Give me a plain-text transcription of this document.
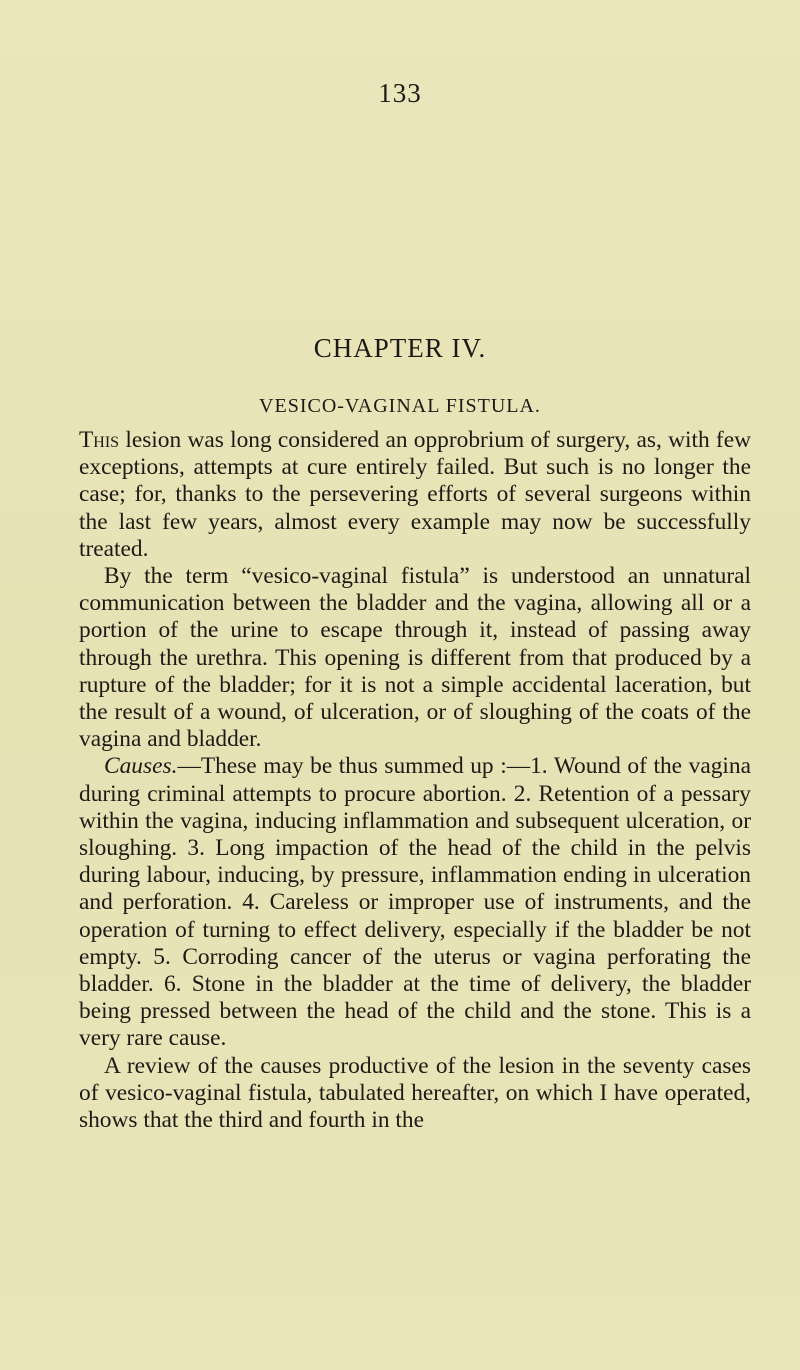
133
CHAPTER IV.
VESICO-VAGINAL FISTULA.

This lesion was long considered an opprobrium of surgery, as, with few exceptions, attempts at cure entirely failed. But such is no longer the case; for, thanks to the persevering efforts of several surgeons within the last few years, almost every example may now be successfully treated.

By the term “vesico-vaginal fistula” is understood an unnatural communication between the bladder and the vagina, allowing all or a portion of the urine to escape through it, instead of passing away through the urethra. This opening is different from that produced by a rupture of the bladder; for it is not a simple accidental laceration, but the result of a wound, of ulceration, or of sloughing of the coats of the vagina and bladder.

Causes.—These may be thus summed up :—1. Wound of the vagina during criminal attempts to procure abortion. 2. Retention of a pessary within the vagina, inducing inflammation and subsequent ulceration, or sloughing. 3. Long impaction of the head of the child in the pelvis during labour, inducing, by pressure, inflammation ending in ulceration and perforation. 4. Careless or improper use of instruments, and the operation of turning to effect delivery, especially if the bladder be not empty. 5. Corroding cancer of the uterus or vagina perforating the bladder. 6. Stone in the bladder at the time of delivery, the bladder being pressed between the head of the child and the stone. This is a very rare cause.

A review of the causes productive of the lesion in the seventy cases of vesico-vaginal fistula, tabulated hereafter, on which I have operated, shows that the third and fourth in the
